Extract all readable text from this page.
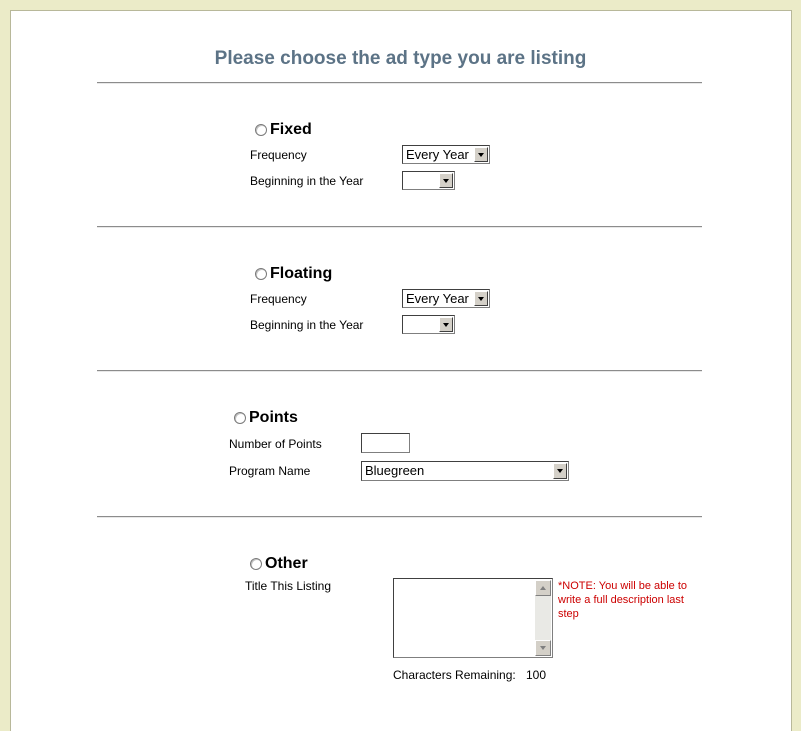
Please choose the ad type you are listing
Fixed
Frequency	Every Year
Beginning in the Year
Floating
Frequency	Every Year
Beginning in the Year
Points
Number of Points
Program Name	Bluegreen
Other
Title This Listing	*NOTE: You will be able to write a full description last step
Characters Remaining: 100
